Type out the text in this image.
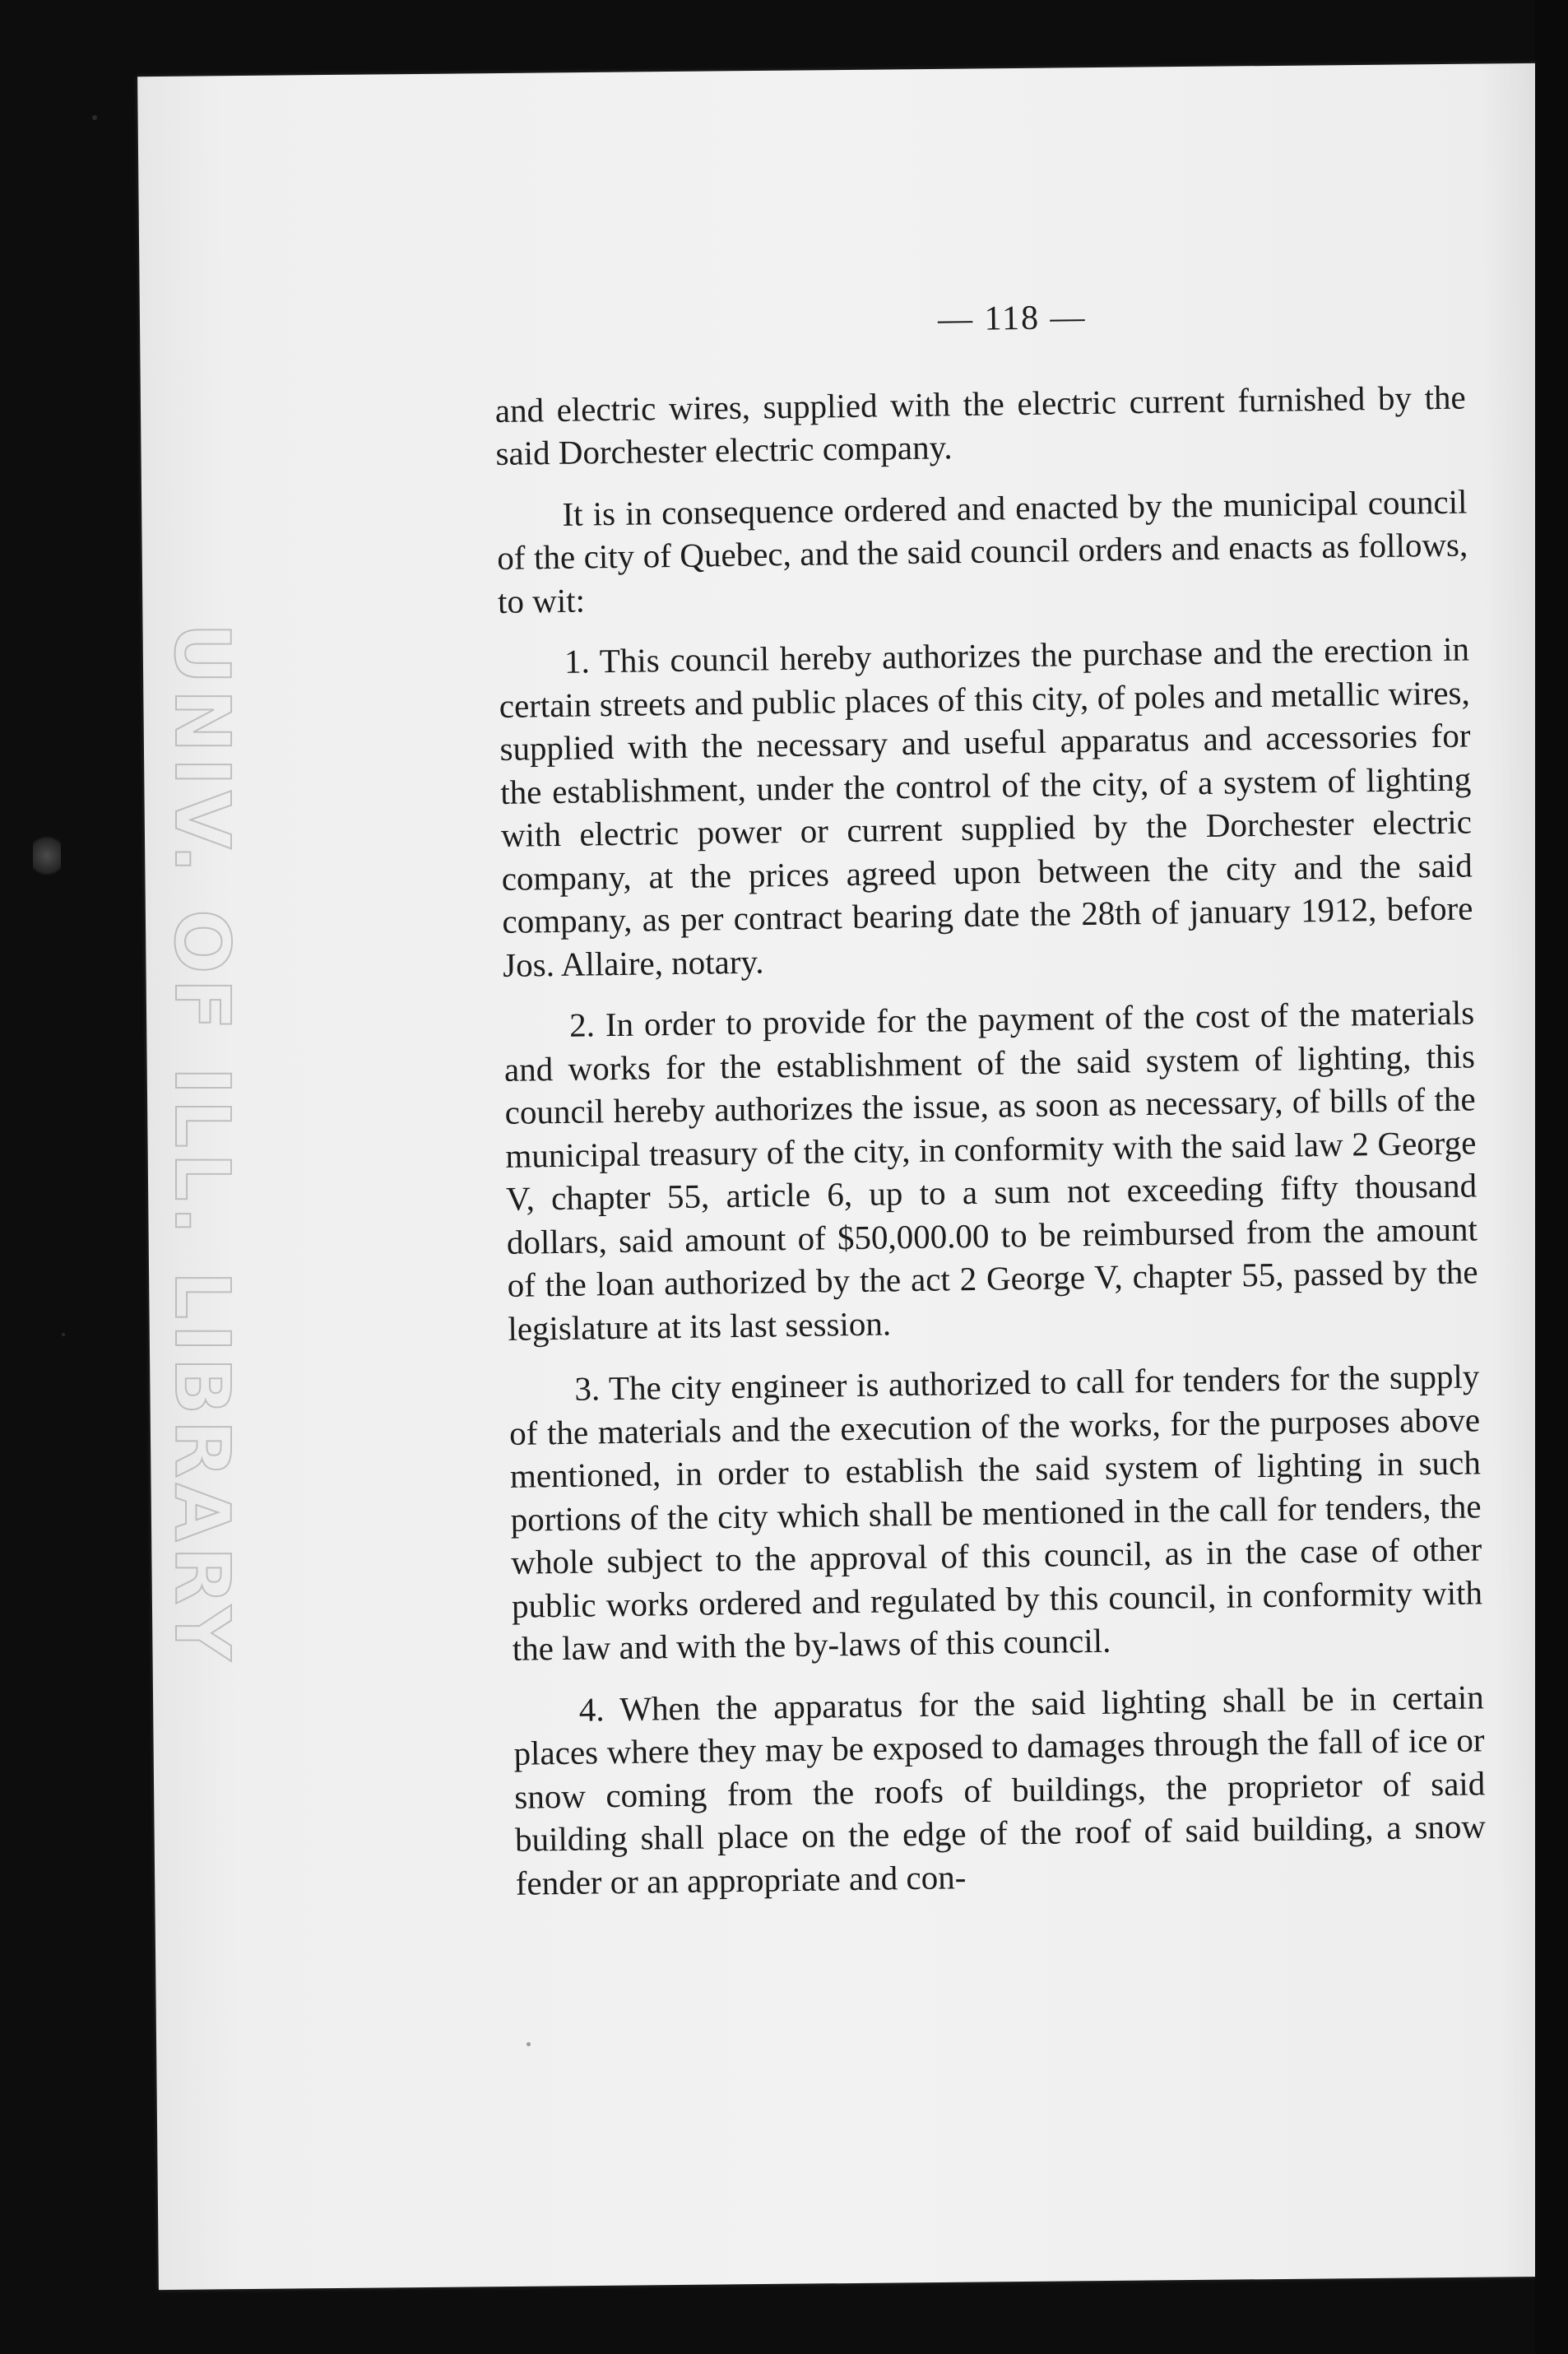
UNIV. OF ILL. LIBRARY
— 118 —

and electric wires, supplied with the electric current furnished by the said Dorchester electric company.

It is in consequence ordered and enacted by the municipal council of the city of Quebec, and the said council orders and enacts as follows, to wit:

1. This council hereby authorizes the purchase and the erection in certain streets and public places of this city, of poles and metallic wires, supplied with the necessary and useful apparatus and accessories for the establishment, under the control of the city, of a system of lighting with electric power or current supplied by the Dorchester electric company, at the prices agreed upon between the city and the said company, as per contract bearing date the 28th of january 1912, before Jos. Allaire, notary.

2. In order to provide for the payment of the cost of the materials and works for the establishment of the said system of lighting, this council hereby authorizes the issue, as soon as necessary, of bills of the municipal treasury of the city, in conformity with the said law 2 George V, chapter 55, article 6, up to a sum not exceeding fifty thousand dollars, said amount of $50,000.00 to be reimbursed from the amount of the loan authorized by the act 2 George V, chapter 55, passed by the legislature at its last session.

3. The city engineer is authorized to call for tenders for the supply of the materials and the execution of the works, for the purposes above mentioned, in order to establish the said system of lighting in such portions of the city which shall be mentioned in the call for tenders, the whole subject to the approval of this council, as in the case of other public works ordered and regulated by this council, in conformity with the law and with the by-laws of this council.

4. When the apparatus for the said lighting shall be in certain places where they may be exposed to damages through the fall of ice or snow coming from the roofs of buildings, the proprietor of said building shall place on the edge of the roof of said building, a snow fender or an appropriate and con-
